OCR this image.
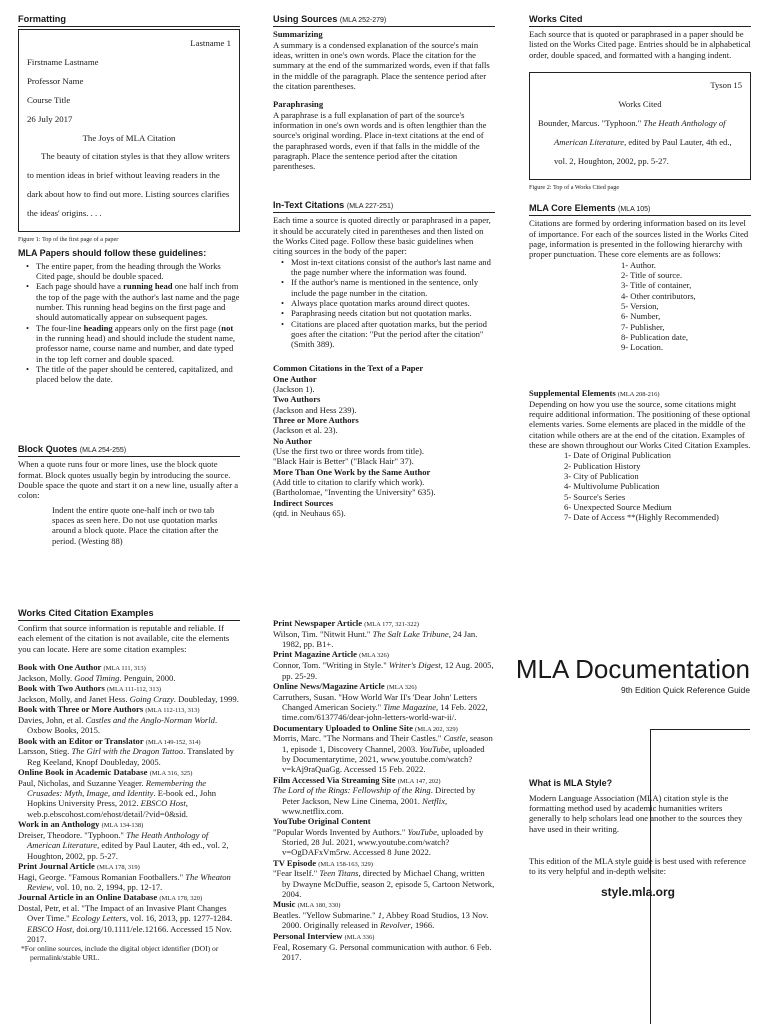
Formatting
Lastname 1
Firstname Lastname
Professor Name
Course Title
26 July 2017
The Joys of MLA Citation
The beauty of citation styles is that they allow writers to mention ideas in brief without leaving readers in the dark about how to find out more. Listing sources clarifies the ideas' origins. . . .
Figure 1: Top of the first page of a paper
MLA Papers should follow these guidelines:
• The entire paper, from the heading through the Works Cited page, should be double spaced.
• Each page should have a running head one half inch from the top of the page with the author's last name and the page number. This running head begins on the first page and should automatically appear on subsequent pages.
• The four-line heading appears only on the first page (not in the running head) and should include the student name, professor name, course name and number, and date typed in the top left corner and double spaced.
• The title of the paper should be centered, capitalized, and placed below the date.
Block Quotes (MLA 254-255)
When a quote runs four or more lines, use the block quote format. Block quotes usually begin by introducing the source. Double space the quote and start it on a new line, usually after a colon:
Indent the entire quote one-half inch or two tab spaces as seen here. Do not use quotation marks around a block quote. Place the citation after the period. (Westing 88)
Using Sources (MLA 252-279)
Summarizing
A summary is a condensed explanation of the source's main ideas, written in one's own words. Place the citation for the summary at the end of the summarized words, even if that falls in the middle of the paragraph. Place the sentence period after the citation parentheses.
Paraphrasing
A paraphrase is a full explanation of part of the source's information in one's own words and is often lengthier than the source's original wording. Place in-text citations at the end of the paraphrased words, even if that falls in the middle of the paragraph. Place the sentence period after the citation parentheses.
In-Text Citations (MLA 227-251)
Each time a source is quoted directly or paraphrased in a paper, it should be accurately cited in parentheses and then listed on the Works Cited page. Follow these basic guidelines when citing sources in the body of the paper:
• Most in-text citations consist of the author's last name and the page number where the information was found.
• If the author's name is mentioned in the sentence, only include the page number in the citation.
• Always place quotation marks around direct quotes.
• Paraphrasing needs citation but not quotation marks.
• Citations are placed after quotation marks, but the period goes after the citation: "Put the period after the citation" (Smith 389).
Common Citations in the Text of a Paper
One Author
(Jackson 1).
Two Authors
(Jackson and Hess 239).
Three or More Authors
(Jackson et al. 23).
No Author
(Use the first two or three words from title).
"Black Hair is Better" ("Black Hair" 37).
More Than One Work by the Same Author
(Add title to citation to clarify which work).
(Bartholomae, "Inventing the University" 635).
Indirect Sources
(qtd. in Neuhaus 65).
Works Cited
Each source that is quoted or paraphrased in a paper should be listed on the Works Cited page. Entries should be in alphabetical order, double spaced, and formatted with a hanging indent.
Tyson 15
Works Cited
Bounder, Marcus. "Typhoon." The Heath Anthology of American Literature, edited by Paul Lauter, 4th ed., vol. 2, Houghton, 2002, pp. 5-27.
Figure 2: Top of a Works Cited page
MLA Core Elements (MLA 105)
Citations are formed by ordering information based on its level of importance. For each of the sources listed in the Works Cited page, information is presented in the following hierarchy with proper punctuation. These core elements are as follows:
1- Author.
2- Title of source.
3- Title of container,
4- Other contributors,
5- Version,
6- Number,
7- Publisher,
8- Publication date,
9- Location.
Supplemental Elements (MLA 208-216)
Depending on how you use the source, some citations might require additional information. The positioning of these optional elements varies. Some elements are placed in the middle of the citation while others are at the end of the citation. Examples of these are shown throughout our Works Cited Citation Examples.
1- Date of Original Publication
2- Publication History
3- City of Publication
4- Multivolume Publication
5- Source's Series
6- Unexpected Source Medium
7- Date of Access **(Highly Recommended)
Works Cited Citation Examples
Confirm that source information is reputable and reliable. If each element of the citation is not available, cite the elements you can locate. Here are some citation examples:
Book with One Author (MLA 111, 313)
Jackson, Molly. Good Timing. Penguin, 2000.
Book with Two Authors (MLA 111-112, 313)
Jackson, Molly, and Janet Hess. Going Crazy. Doubleday, 1999.
Book with Three or More Authors (MLA 112-113, 313)
Davies, John, et al. Castles and the Anglo-Norman World. Oxbow Books, 2015.
Book with an Editor or Translator (MLA 149-152, 314)
Larsson, Stieg. The Girl with the Dragon Tattoo. Translated by Reg Keeland, Knopf Doubleday, 2005.
Online Book in Academic Database (MLA 316, 325)
Paul, Nicholas, and Suzanne Yeager. Remembering the Crusades: Myth, Image, and Identity. E-book ed., John Hopkins University Press, 2012. EBSCO Host, web.p.ebscohost.com/ehost/detail/?vid=0&sid.
Work in an Anthology (MLA 134-138)
Dreiser, Theodore. "Typhoon." The Heath Anthology of American Literature, edited by Paul Lauter, 4th ed., vol. 2, Houghton, 2002, pp. 5-27.
Print Journal Article (MLA 178, 319)
Hagi, George. "Famous Romanian Footballers." The Wheaton Review, vol. 10, no. 2, 1994, pp. 12-17.
Journal Article in an Online Database (MLA 178, 320)
Dostal, Petr, et al. "The Impact of an Invasive Plant Changes Over Time." Ecology Letters, vol. 16, 2013, pp. 1277-1284. EBSCO Host, doi.org/10.1111/ele.12166. Accessed 15 Nov. 2017.
*For online sources, include the digital object identifier (DOI) or permalink/stable URL.
Print Newspaper Article (MLA 177, 321-322)
Wilson, Tim. "Nitwit Hunt." The Salt Lake Tribune, 24 Jan. 1982, pp. B1+.
Print Magazine Article (MLA 326)
Connor, Tom. "Writing in Style." Writer's Digest, 12 Aug. 2005, pp. 25-29.
Online News/Magazine Article (MLA 326)
Carruthers, Susan. "How World War II's 'Dear John' Letters Changed American Society." Time Magazine, 14 Feb. 2022, time.com/6137746/dear-john-letters-world-war-ii/.
Documentary Uploaded to Online Site (MLA 202, 329)
Morris, Marc. "The Normans and Their Castles." Castle, season 1, episode 1, Discovery Channel, 2003. YouTube, uploaded by Documentarytime, 2021, www.youtube.com/watch?v=kAj9raQuaGg. Accessed 15 Feb. 2022.
Film Accessed Via Streaming Site (MLA 147, 202)
The Lord of the Rings: Fellowship of the Ring. Directed by Peter Jackson, New Line Cinema, 2001. Netflix, www.netflix.com.
YouTube Original Content
"Popular Words Invented by Authors." YouTube, uploaded by Storied, 28 Jul. 2021, www.youtube.com/watch?v=OgDAFxVm5rw. Accessed 8 June 2022.
TV Episode (MLA 158-163, 329)
"Fear Itself." Teen Titans, directed by Michael Chang, written by Dwayne McDuffie, season 2, episode 5, Cartoon Network, 2004.
Music (MLA 180, 330)
Beatles. "Yellow Submarine." 1, Abbey Road Studios, 13 Nov. 2000. Originally released in Revolver, 1966.
Personal Interview (MLA 336)
Feal, Rosemary G. Personal communication with author. 6 Feb. 2017.
MLA Documentation
9th Edition Quick Reference Guide
What is MLA Style?
Modern Language Association (MLA) citation style is the formatting method used by academic humanities writers generally to help scholars lead one another to the sources they have used in their writing.
This edition of the MLA style guide is best used with reference to its very helpful and in-depth website:
style.mla.org
